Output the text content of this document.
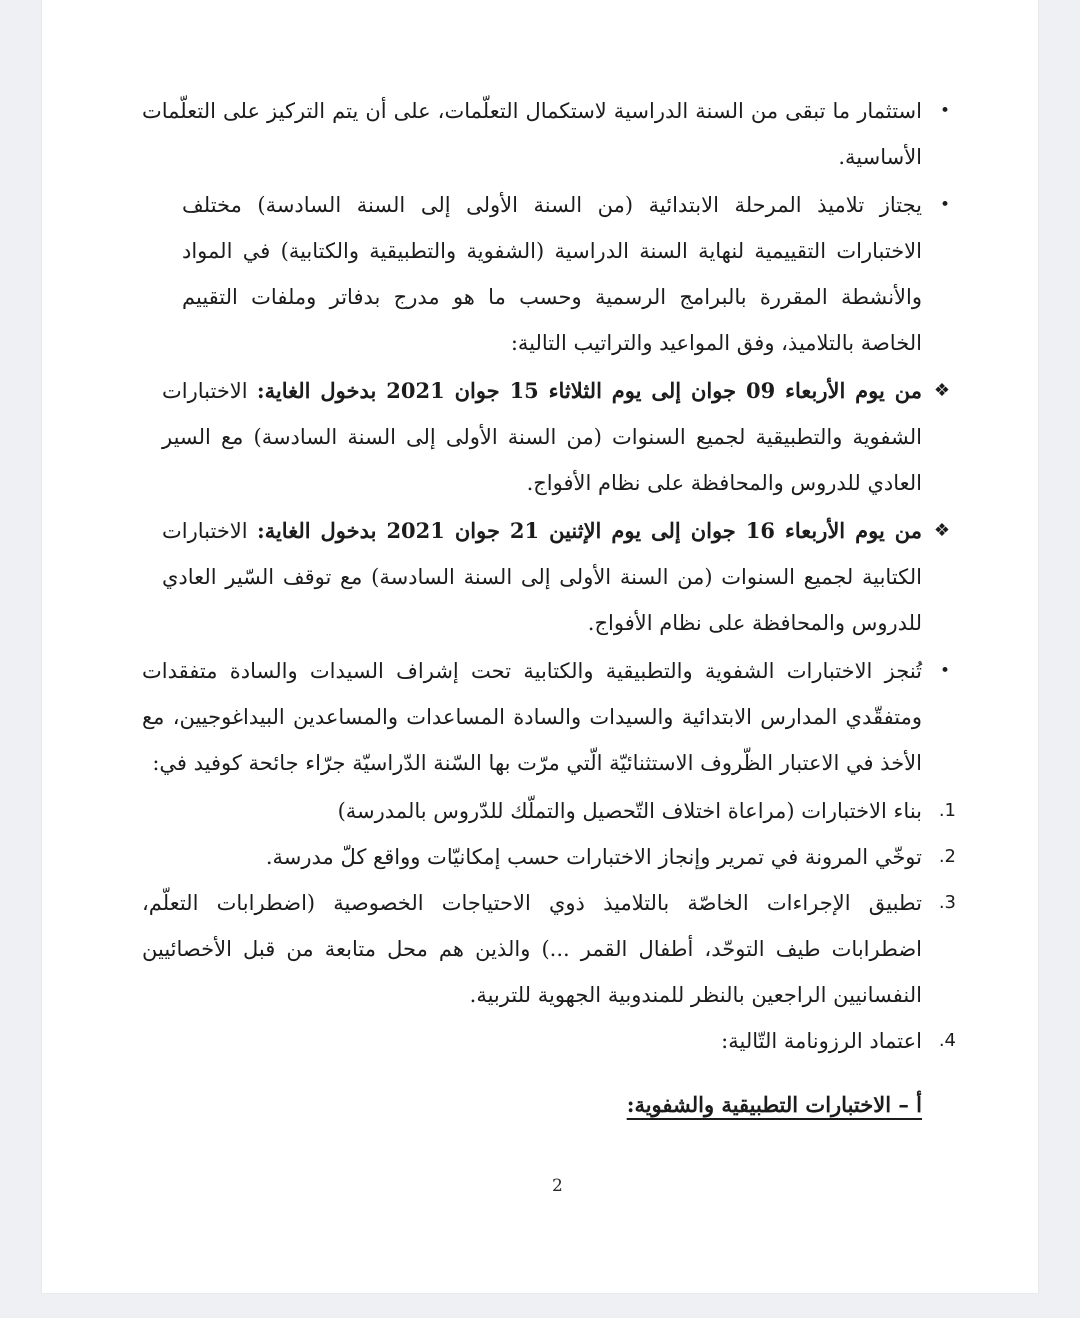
•
استثمار ما تبقى من السنة الدراسية لاستكمال التعلّمات، على أن يتم التركيز على التعلّمات الأساسية.
•
يجتاز تلاميذ المرحلة الابتدائية (من السنة الأولى إلى السنة السادسة) مختلف الاختبارات التقييمية لنهاية السنة الدراسية (الشفوية والتطبيقية والكتابية) في المواد والأنشطة المقررة بالبرامج الرسمية وحسب ما هو مدرج بدفاتر وملفات التقييم الخاصة بالتلاميذ، وفق المواعيد والتراتيب التالية:
❖
من يوم الأربعاء 09 جوان إلى يوم الثلاثاء 15 جوان 2021 بدخول الغاية: الاختبارات الشفوية والتطبيقية لجميع السنوات (من السنة الأولى إلى السنة السادسة) مع السير العادي للدروس والمحافظة على نظام الأفواج.
❖
من يوم الأربعاء 16 جوان إلى يوم الإثنين 21 جوان 2021 بدخول الغاية: الاختبارات الكتابية لجميع السنوات (من السنة الأولى إلى السنة السادسة) مع توقف السّير العادي للدروس والمحافظة على نظام الأفواج.
•
تُنجز الاختبارات الشفوية والتطبيقية والكتابية تحت إشراف السيدات والسادة متفقدات ومتفقّدي المدارس الابتدائية والسيدات والسادة المساعدات والمساعدين البيداغوجيين، مع الأخذ في الاعتبار الظّروف الاستثنائيّة الّتي مرّت بها السّنة الدّراسيّة جرّاء جائحة كوفيد في:
1.
بناء الاختبارات (مراعاة اختلاف التّحصيل والتملّك للدّروس بالمدرسة)
2.
توخّي المرونة في تمرير وإنجاز الاختبارات حسب إمكانيّات وواقع كلّ مدرسة.
3.
تطبيق الإجراءات الخاصّة بالتلاميذ ذوي الاحتياجات الخصوصية (اضطرابات التعلّم، اضطرابات طيف التوحّد، أطفال القمر ...) والذين هم محل متابعة من قبل الأخصائيين النفسانيين الراجعين بالنظر للمندوبية الجهوية للتربية.
4.
اعتماد الرزونامة التّالية:
أ – الاختبارات التطبيقية والشفوية:
2
